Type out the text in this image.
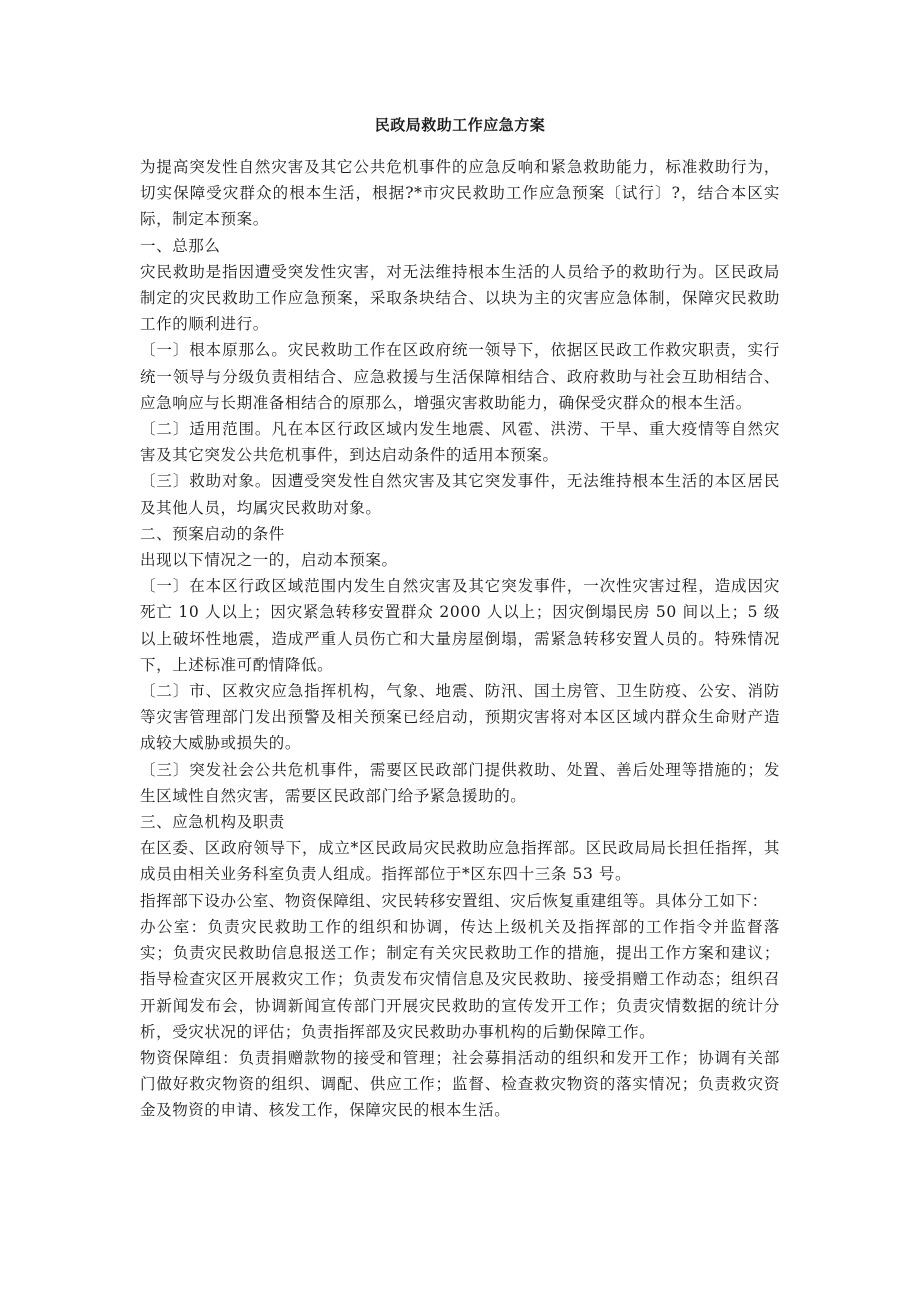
民政局救助工作应急方案

为提高突发性自然灾害及其它公共危机事件的应急反响和紧急救助能力，标准救助行为，切实保障受灾群众的根本生活，根据?*市灾民救助工作应急预案〔试行〕?，结合本区实际，制定本预案。

一、总那么

灾民救助是指因遭受突发性灾害，对无法维持根本生活的人员给予的救助行为。区民政局制定的灾民救助工作应急预案，采取条块结合、以块为主的灾害应急体制，保障灾民救助工作的顺利进行。

〔一〕根本原那么。灾民救助工作在区政府统一领导下，依据区民政工作救灾职责，实行统一领导与分级负责相结合、应急救援与生活保障相结合、政府救助与社会互助相结合、应急响应与长期准备相结合的原那么，增强灾害救助能力，确保受灾群众的根本生活。

〔二〕适用范围。凡在本区行政区域内发生地震、风雹、洪涝、干旱、重大疫情等自然灾害及其它突发公共危机事件，到达启动条件的适用本预案。

〔三〕救助对象。因遭受突发性自然灾害及其它突发事件，无法维持根本生活的本区居民及其他人员，均属灾民救助对象。

二、预案启动的条件

出现以下情况之一的，启动本预案。

〔一〕在本区行政区域范围内发生自然灾害及其它突发事件，一次性灾害过程，造成因灾死亡 10 人以上；因灾紧急转移安置群众 2000 人以上；因灾倒塌民房 50 间以上；5 级以上破坏性地震，造成严重人员伤亡和大量房屋倒塌，需紧急转移安置人员的。特殊情况下，上述标准可酌情降低。

〔二〕市、区救灾应急指挥机构，气象、地震、防汛、国土房管、卫生防疫、公安、消防等灾害管理部门发出预警及相关预案已经启动，预期灾害将对本区区域内群众生命财产造成较大威胁或损失的。

〔三〕突发社会公共危机事件，需要区民政部门提供救助、处置、善后处理等措施的；发生区域性自然灾害，需要区民政部门给予紧急援助的。

三、应急机构及职责

在区委、区政府领导下，成立*区民政局灾民救助应急指挥部。区民政局局长担任指挥，其成员由相关业务科室负责人组成。指挥部位于*区东四十三条 53 号。

指挥部下设办公室、物资保障组、灾民转移安置组、灾后恢复重建组等。具体分工如下：

办公室：负责灾民救助工作的组织和协调，传达上级机关及指挥部的工作指令并监督落实；负责灾民救助信息报送工作；制定有关灾民救助工作的措施，提出工作方案和建议；指导检查灾区开展救灾工作；负责发布灾情信息及灾民救助、接受捐赠工作动态；组织召开新闻发布会，协调新闻宣传部门开展灾民救助的宣传发开工作；负责灾情数据的统计分析，受灾状况的评估；负责指挥部及灾民救助办事机构的后勤保障工作。

物资保障组：负责捐赠款物的接受和管理；社会募捐活动的组织和发开工作；协调有关部门做好救灾物资的组织、调配、供应工作；监督、检查救灾物资的落实情况；负责救灾资金及物资的申请、核发工作，保障灾民的根本生活。
